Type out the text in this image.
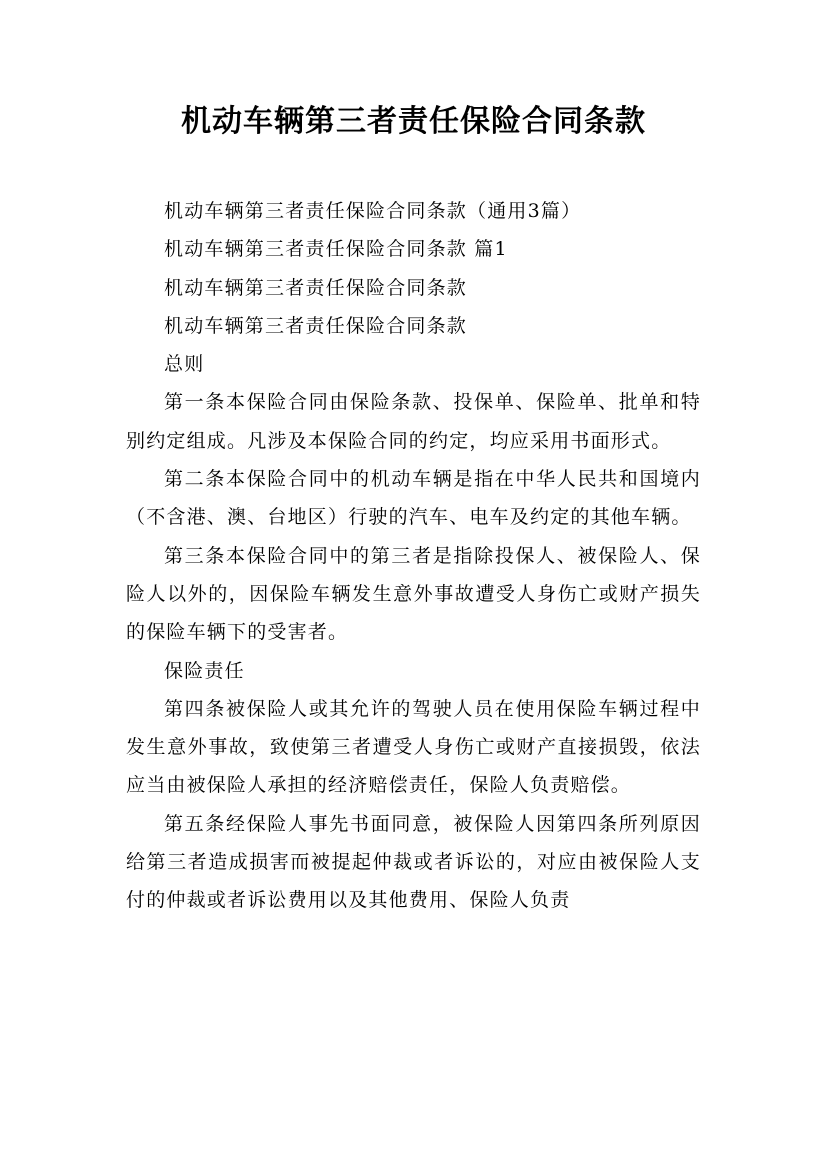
机动车辆第三者责任保险合同条款

机动车辆第三者责任保险合同条款（通用3篇）

机动车辆第三者责任保险合同条款 篇1

机动车辆第三者责任保险合同条款

机动车辆第三者责任保险合同条款

总则

第一条本保险合同由保险条款、投保单、保险单、批单和特别约定组成。凡涉及本保险合同的约定，均应采用书面形式。

第二条本保险合同中的机动车辆是指在中华人民共和国境内（不含港、澳、台地区）行驶的汽车、电车及约定的其他车辆。

第三条本保险合同中的第三者是指除投保人、被保险人、保险人以外的，因保险车辆发生意外事故遭受人身伤亡或财产损失的保险车辆下的受害者。

保险责任

第四条被保险人或其允许的驾驶人员在使用保险车辆过程中发生意外事故，致使第三者遭受人身伤亡或财产直接损毁，依法应当由被保险人承担的经济赔偿责任，保险人负责赔偿。

第五条经保险人事先书面同意，被保险人因第四条所列原因给第三者造成损害而被提起仲裁或者诉讼的，对应由被保险人支付的仲裁或者诉讼费用以及其他费用、保险人负责
